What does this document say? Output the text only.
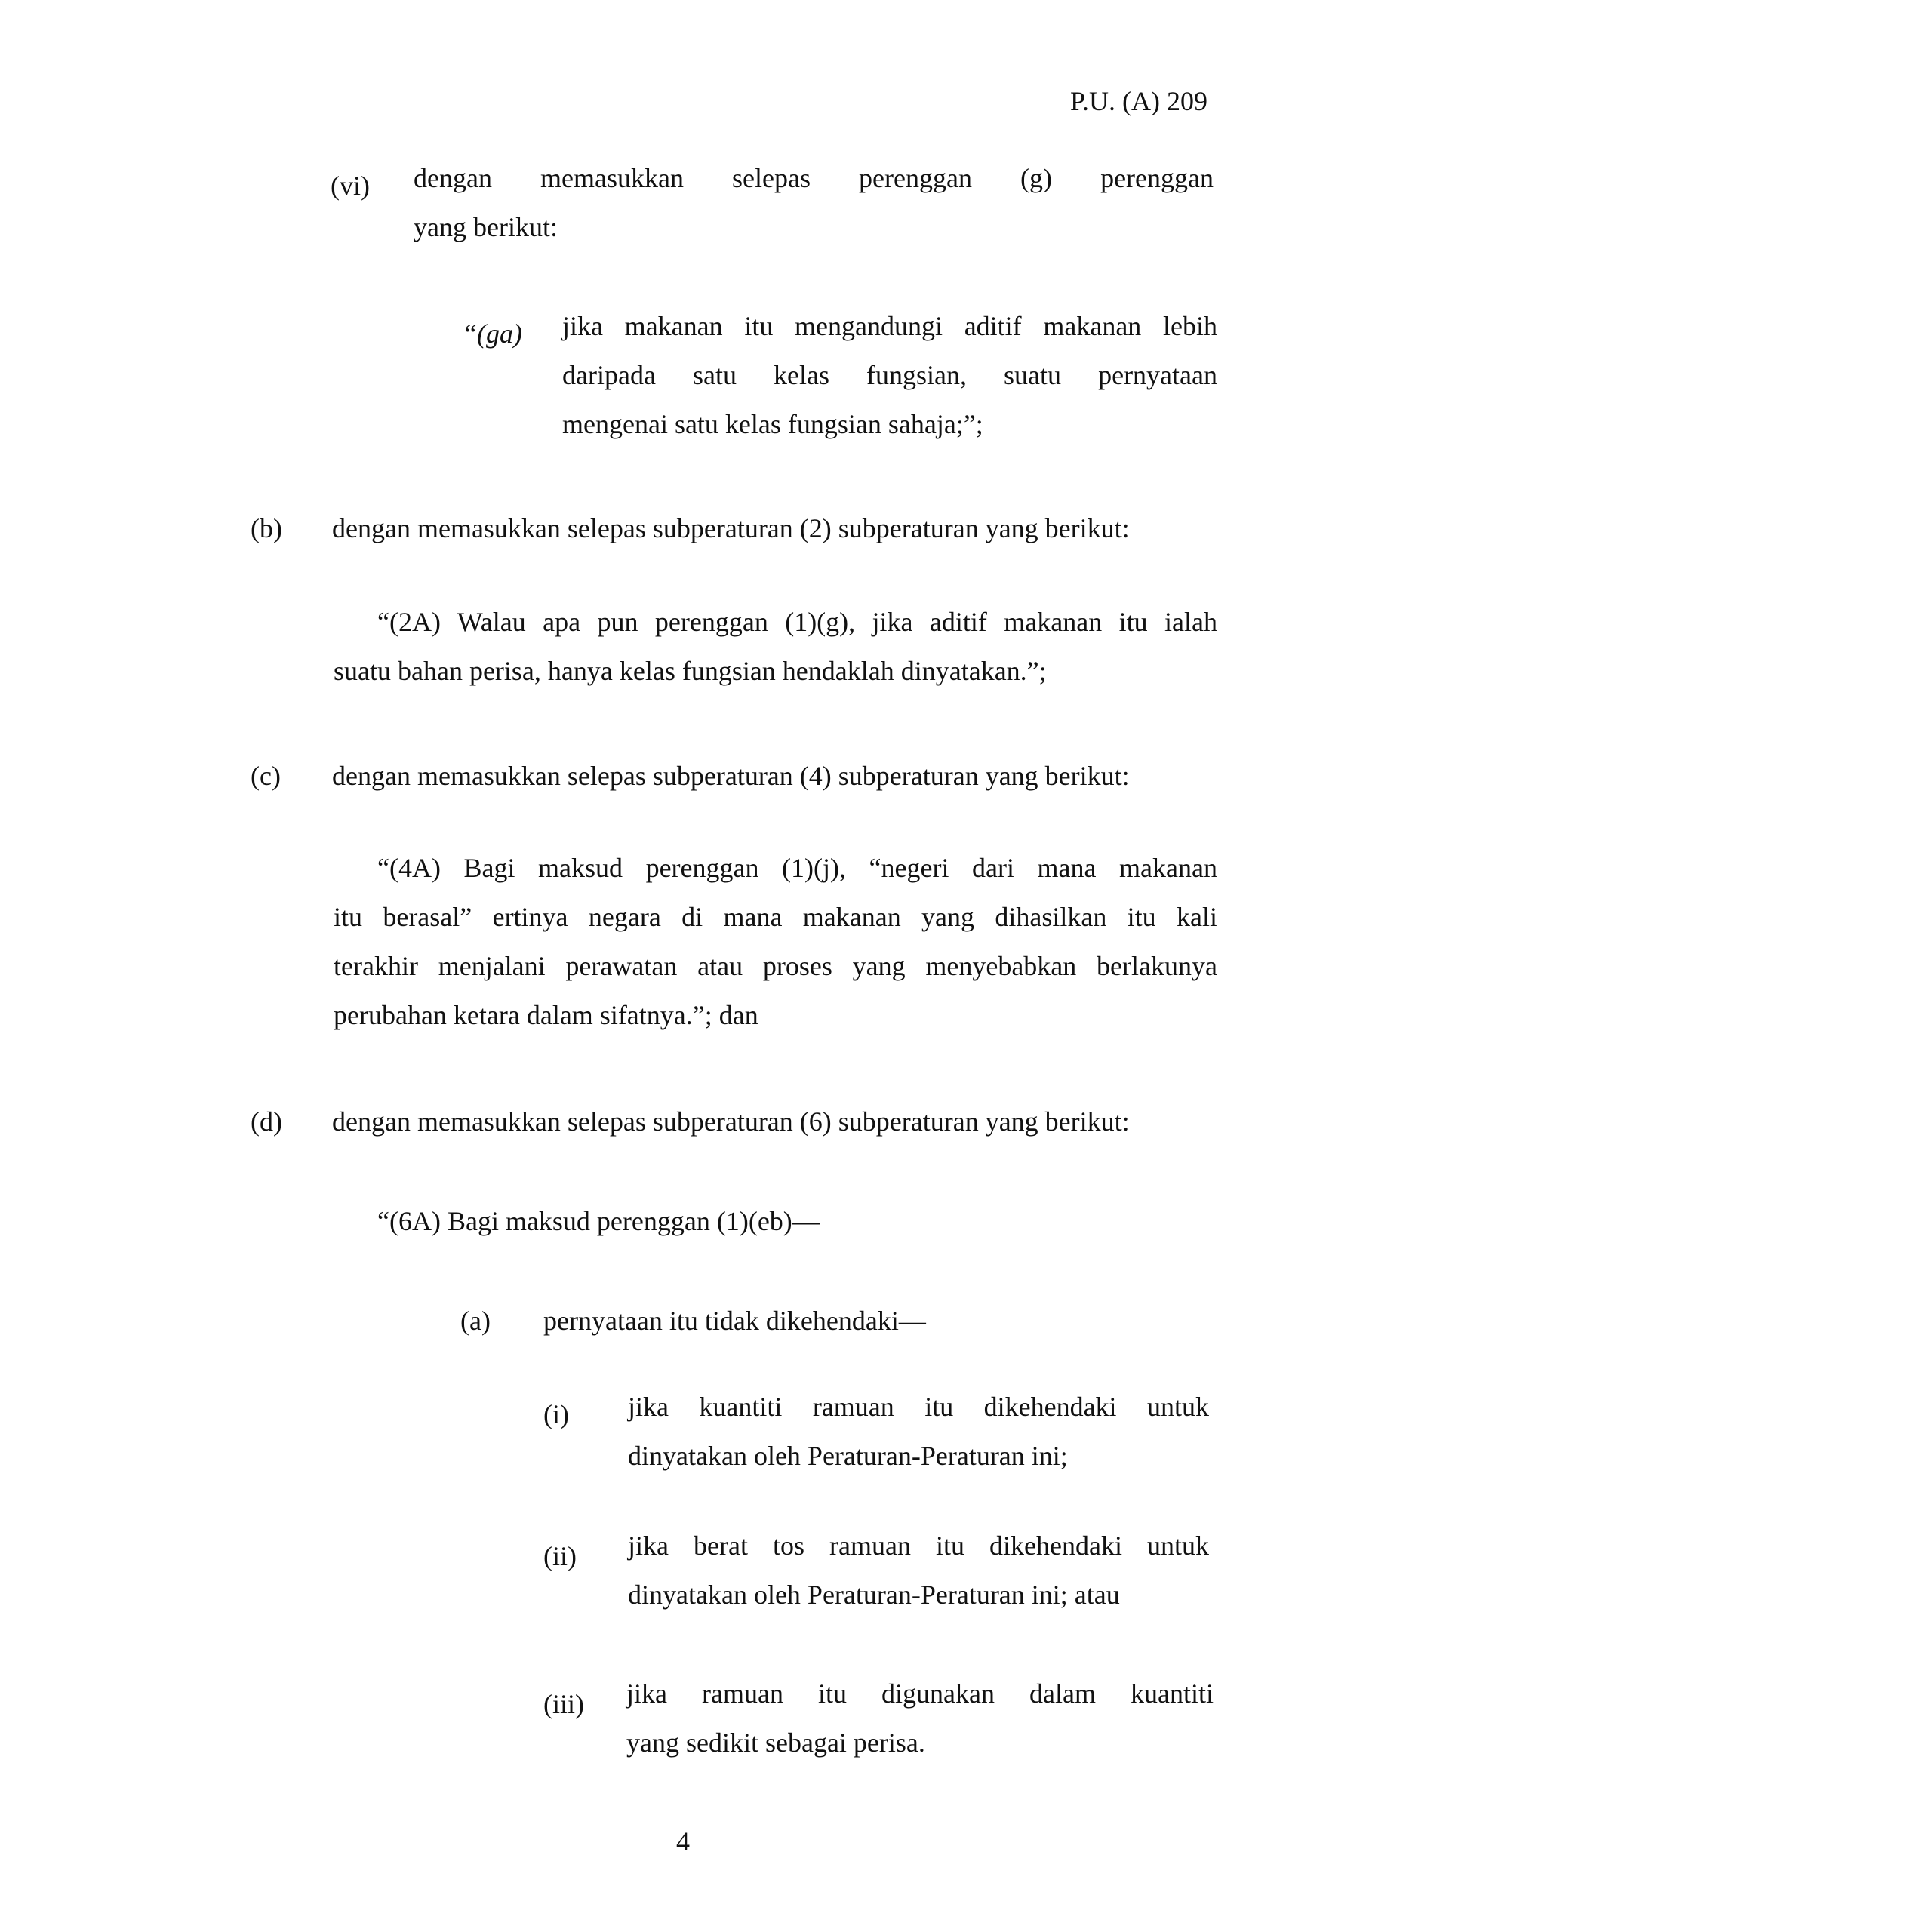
P.U. (A) 209
(vi) dengan memasukkan selepas perenggan (g) perenggan
yang berikut:
“(ga) jika makanan itu mengandungi aditif makanan lebih
daripada satu kelas fungsian, suatu pernyataan
mengenai satu kelas fungsian sahaja;”;
(b) dengan memasukkan selepas subperaturan (2) subperaturan yang berikut:
“(2A) Walau apa pun perenggan (1)(g), jika aditif makanan itu ialah
suatu bahan perisa, hanya kelas fungsian hendaklah dinyatakan.”;
(c) dengan memasukkan selepas subperaturan (4) subperaturan yang berikut:
“(4A) Bagi maksud perenggan (1)(j), “negeri dari mana makanan
itu berasal” ertinya negara di mana makanan yang dihasilkan itu kali
terakhir menjalani perawatan atau proses yang menyebabkan berlakunya
perubahan ketara dalam sifatnya.”; dan
(d) dengan memasukkan selepas subperaturan (6) subperaturan yang berikut:
“(6A) Bagi maksud perenggan (1)(eb)—
(a) pernyataan itu tidak dikehendaki—
(i) jika kuantiti ramuan itu dikehendaki untuk
dinyatakan oleh Peraturan-Peraturan ini;
(ii) jika berat tos ramuan itu dikehendaki untuk
dinyatakan oleh Peraturan-Peraturan ini; atau
(iii) jika ramuan itu digunakan dalam kuantiti
yang sedikit sebagai perisa.
4
